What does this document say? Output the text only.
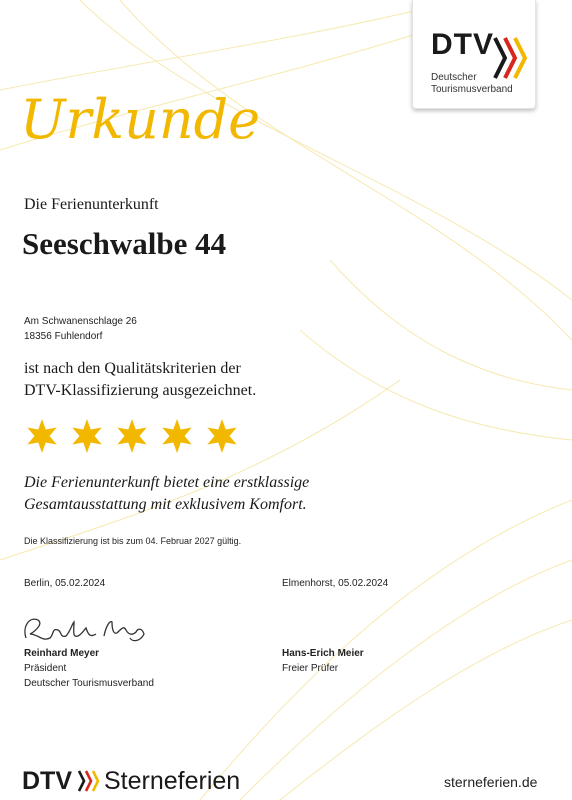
DTV
Deutscher
Tourismusverband
Urkunde
Die Ferienunterkunft
Seeschwalbe 44
Am Schwanenschlage 26
18356 Fuhlendorf
ist nach den Qualitätskriterien der
DTV-Klassifizierung ausgezeichnet.
Die Ferienunterkunft bietet eine erstklassige
Gesamtausstattung mit exklusivem Komfort.
Die Klassifizierung ist bis zum 04. Februar 2027 gültig.
Berlin, 05.02.2024	Elmenhorst, 05.02.2024
Reinhard Meyer
Präsident
Deutscher Tourismusverband
Hans-Erich Meier
Freier Prüfer
DTV Sterneferien	sterneferien.de
